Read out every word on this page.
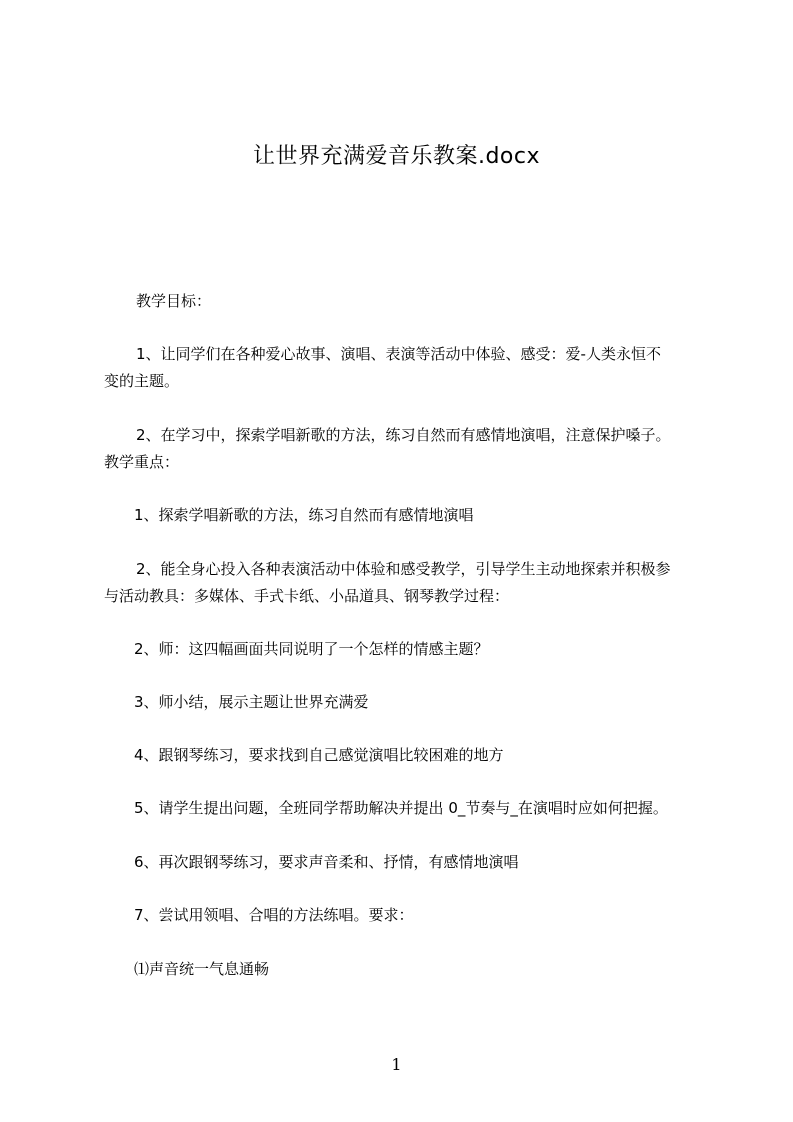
让世界充满爱音乐教案.docx
教学目标：
1、让同学们在各种爱心故事、演唱、表演等活动中体验、感受：爱-人类永恒不
变的主题。
2、在学习中，探索学唱新歌的方法，练习自然而有感情地演唱，注意保护嗓子。
教学重点：
1、探索学唱新歌的方法，练习自然而有感情地演唱
2、能全身心投入各种表演活动中体验和感受教学，引导学生主动地探索并积极参
与活动教具：多媒体、手式卡纸、小品道具、钢琴教学过程：
2、师：这四幅画面共同说明了一个怎样的情感主题？
3、师小结，展示主题让世界充满爱
4、跟钢琴练习，要求找到自己感觉演唱比较困难的地方
5、请学生提出问题，全班同学帮助解决并提出 0_节奏与_在演唱时应如何把握。
6、再次跟钢琴练习，要求声音柔和、抒情，有感情地演唱
7、尝试用领唱、合唱的方法练唱。要求：
⑴声音统一气息通畅
1
